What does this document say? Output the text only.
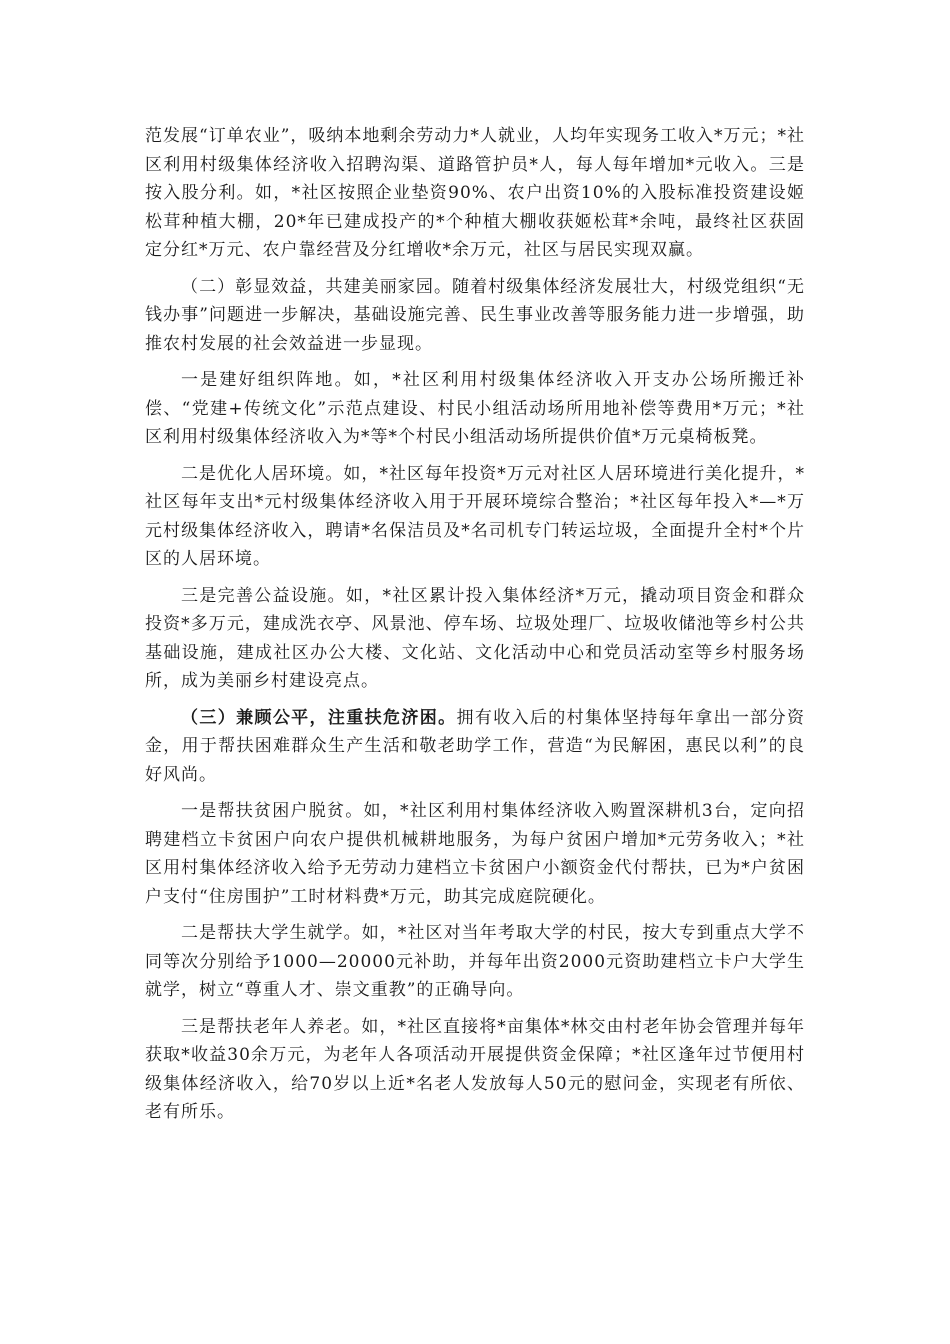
范发展“订单农业”，吸纳本地剩余劳动力*人就业，人均年实现务工收入*万元；*社区利用村级集体经济收入招聘沟渠、道路管护员*人，每人每年增加*元收入。三是按入股分利。如，*社区按照企业垫资90%、农户出资10%的入股标准投资建设姬松茸种植大棚，20*年已建成投产的*个种植大棚收获姬松茸*余吨，最终社区获固定分红*万元、农户靠经营及分红增收*余万元，社区与居民实现双赢。

（二）彰显效益，共建美丽家园。随着村级集体经济发展壮大，村级党组织“无钱办事”问题进一步解决，基础设施完善、民生事业改善等服务能力进一步增强，助推农村发展的社会效益进一步显现。

一是建好组织阵地。如，*社区利用村级集体经济收入开支办公场所搬迁补偿、“党建+传统文化”示范点建设、村民小组活动场所用地补偿等费用*万元；*社区利用村级集体经济收入为*等*个村民小组活动场所提供价值*万元桌椅板凳。

二是优化人居环境。如，*社区每年投资*万元对社区人居环境进行美化提升，*社区每年支出*元村级集体经济收入用于开展环境综合整治；*社区每年投入*—*万元村级集体经济收入，聘请*名保洁员及*名司机专门转运垃圾，全面提升全村*个片区的人居环境。

三是完善公益设施。如，*社区累计投入集体经济*万元，撬动项目资金和群众投资*多万元，建成洗衣亭、风景池、停车场、垃圾处理厂、垃圾收储池等乡村公共基础设施，建成社区办公大楼、文化站、文化活动中心和党员活动室等乡村服务场所，成为美丽乡村建设亮点。

（三）兼顾公平，注重扶危济困。拥有收入后的村集体坚持每年拿出一部分资金，用于帮扶困难群众生产生活和敬老助学工作，营造“为民解困，惠民以利”的良好风尚。

一是帮扶贫困户脱贫。如，*社区利用村集体经济收入购置深耕机3台，定向招聘建档立卡贫困户向农户提供机械耕地服务，为每户贫困户增加*元劳务收入；*社区用村集体经济收入给予无劳动力建档立卡贫困户小额资金代付帮扶，已为*户贫困户支付“住房围护”工时材料费*万元，助其完成庭院硬化。

二是帮扶大学生就学。如，*社区对当年考取大学的村民，按大专到重点大学不同等次分别给予1000—20000元补助，并每年出资2000元资助建档立卡户大学生就学，树立“尊重人才、崇文重教”的正确导向。

三是帮扶老年人养老。如，*社区直接将*亩集体*林交由村老年协会管理并每年获取*收益30余万元，为老年人各项活动开展提供资金保障；*社区逢年过节便用村级集体经济收入，给70岁以上近*名老人发放每人50元的慰问金，实现老有所依、老有所乐。
